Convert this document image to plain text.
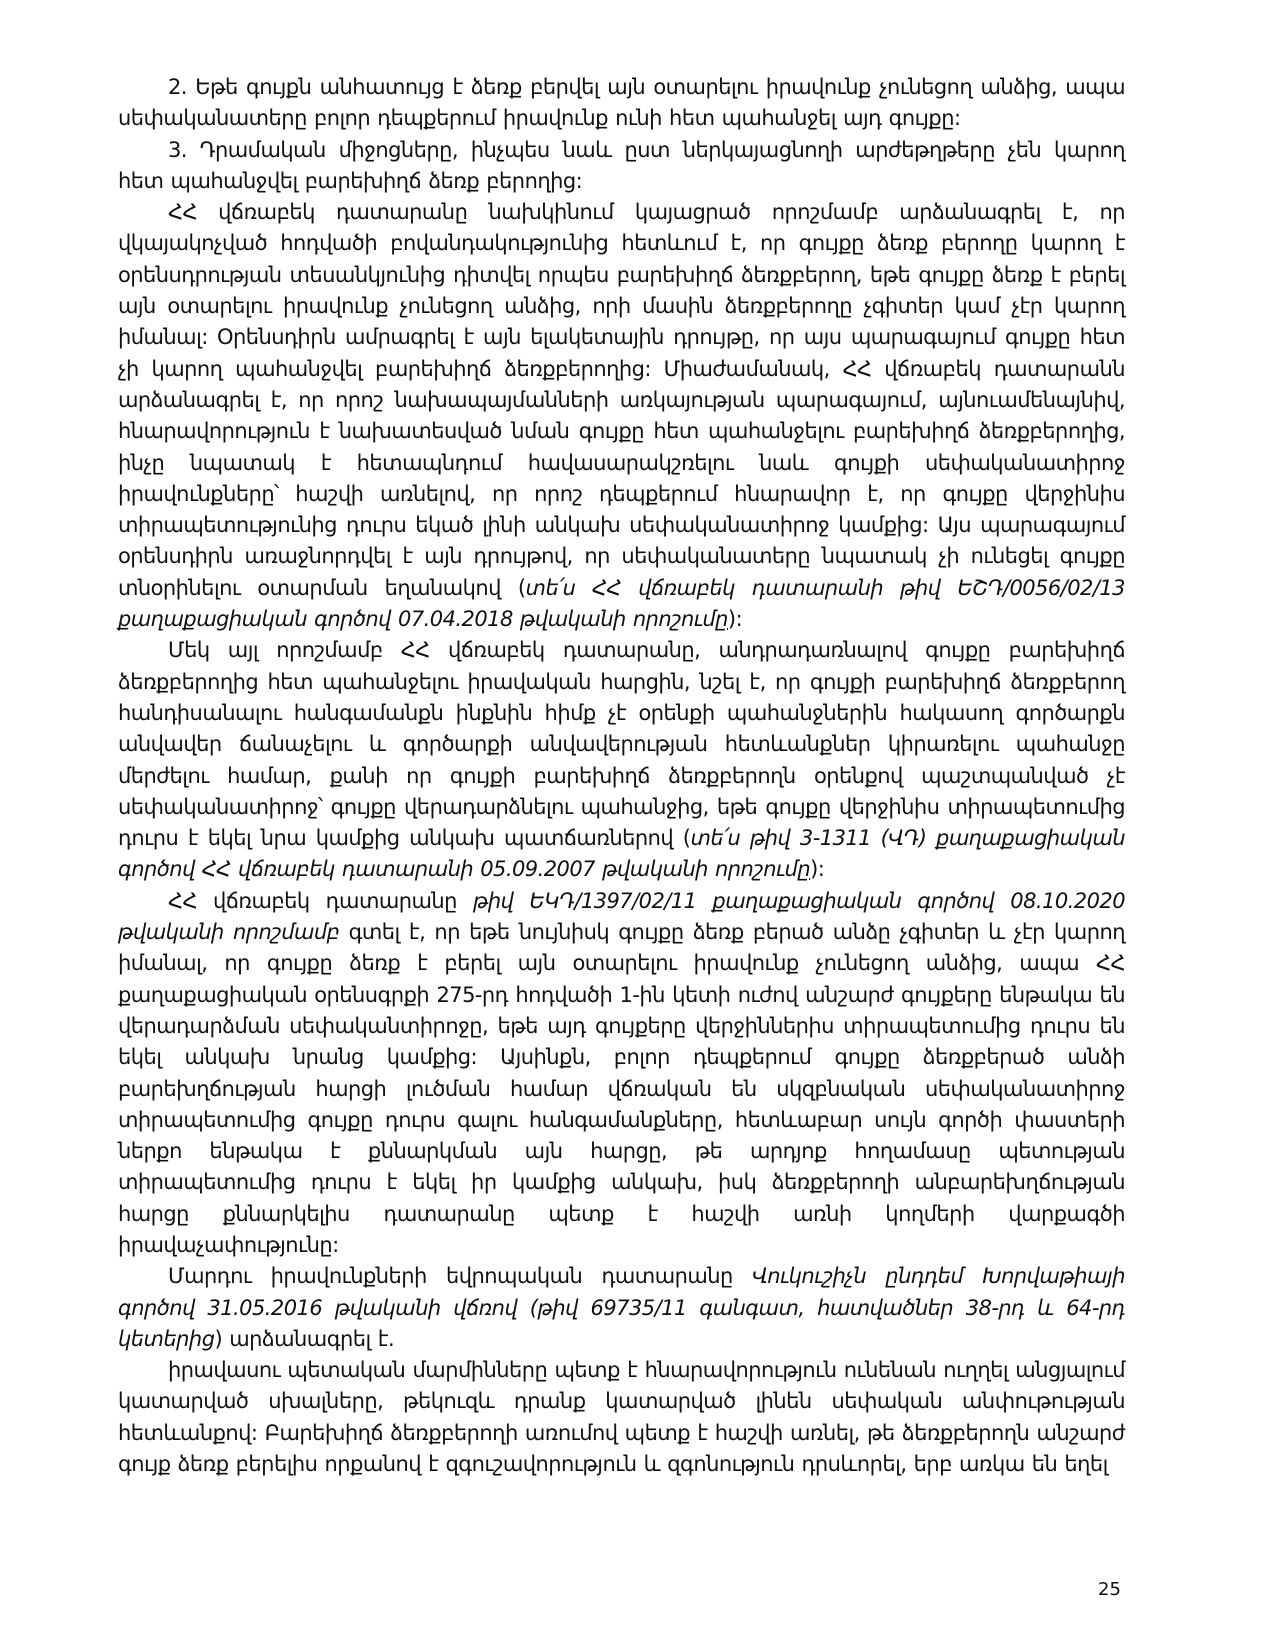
2. Եթե գույքն անհատույց է ձեռք բերվել այն օտարելու իրավունք չունեցող անձից, ապա սեփականատերը բոլոր դեպքերում իրավունք ունի հետ պահանջել այդ գույքը:

3. Դրամական միջոցները, ինչպես նաև ըստ ներկայացնողի արժեթղթերը չեն կարող հետ պահանջվել բարեխիղճ ձեռք բերողից:

ՀՀ վճռաբեկ դատարանը նախկինում կայացրած որոշմամբ արձանագրել է, որ վկայակոչված հոդվածի բովանդակությունից հետևում է, որ գույքը ձեռք բերողը կարող է օրենսդրության տեսանկյունից դիտվել որպես բարեխիղճ ձեռքբերող, եթե գույքը ձեռք է բերել այն օտարելու իրավունք չունեցող անձից, որի մասին ձեռքբերողը չգիտեր կամ չէր կարող իմանալ: Օրենսդիրն ամրագրել է այն ելակետային դրույթը, որ այս պարագայում գույքը հետ չի կարող պահանջվել բարեխիղճ ձեռքբերողից: Միաժամանակ, ՀՀ վճռաբեկ դատարանն արձանագրել է, որ որոշ նախապայմանների առկայության պարագայում, այնուամենայնիվ, հնարավորություն է նախատեսված նման գույքը հետ պահանջելու բարեխիղճ ձեռքբերողից, ինչը նպատակ է հետապնդում հավասարակշռելու նաև գույքի սեփականատիրոջ իրավունքները՝ հաշվի առնելով, որ որոշ դեպքերում հնարավոր է, որ գույքը վերջինիս տիրապետությունից դուրս եկած լինի անկախ սեփականատիրոջ կամքից: Այս պարագայում օրենսդիրն առաջնորդվել է այն դրույթով, որ սեփականատերը նպատակ չի ունեցել գույքը տնօրինելու օտարման եղանակով (տե՛ս ՀՀ վճռաբեկ դատարանի թիվ ԵՇԴ/0056/02/13 քաղաքացիական գործով 07.04.2018 թվականի որոշումը):

Մեկ այլ որոշմամբ ՀՀ վճռաբեկ դատարանը, անդրադառնալով գույքը բարեխիղճ ձեռքբերողից հետ պահանջելու իրավական հարցին, նշել է, որ գույքի բարեխիղճ ձեռքբերող հանդիսանալու հանգամանքն ինքնին հիմք չէ օրենքի պահանջներին հակասող գործարքն անվավեր ճանաչելու և գործարքի անվավերության հետևանքներ կիրառելու պահանջը մերժելու համար, քանի որ գույքի բարեխիղճ ձեռքբերողն օրենքով պաշտպանված չէ սեփականատիրոջ՝ գույքը վերադարձնելու պահանջից, եթե գույքը վերջինիս տիրապետումից դուրս է եկել նրա կամքից անկախ պատճառներով (տե՛ս թիվ 3-1311 (ՎԴ) քաղաքացիական գործով ՀՀ վճռաբեկ դատարանի 05.09.2007 թվականի որոշումը):

ՀՀ վճռաբեկ դատարանը թիվ ԵԿԴ/1397/02/11 քաղաքացիական գործով 08.10.2020 թվականի որոշմամբ գտել է, որ եթե նույնիսկ գույքը ձեռք բերած անձը չգիտեր և չէր կարող իմանալ, որ գույքը ձեռք է բերել այն օտարելու իրավունք չունեցող անձից, ապա ՀՀ քաղաքացիական օրենսգրքի 275-րդ հոդվածի 1-ին կետի ուժով անշարժ գույքերը ենթակա են վերադարձման սեփականտիրոջը, եթե այդ գույքերը վերջիններիս տիրապետումից դուրս են եկել անկախ նրանց կամքից: Այսինքն, բոլոր դեպքերում գույքը ձեռքբերած անձի բարեխղճության հարցի լուծման համար վճռական են սկզբնական սեփականատիրոջ տիրապետումից գույքը դուրս գալու հանգամանքները, հետևաբար սույն գործի փաստերի ներքո ենթակա է քննարկման այն հարցը, թե արդյոք հողամասը պետության տիրապետումից դուրս է եկել իր կամքից անկախ, իսկ ձեռքբերողի անբարեխղճության հարցը քննարկելիս դատարանը պետք է հաշվի առնի կողմերի վարքագծի իրավաչափությունը:

Մարդու իրավունքների եվրոպական դատարանը Վուկուշիչն ընդդեմ Խորվաթիայի գործով 31.05.2016 թվականի վճռով (թիվ 69735/11 գանգատ, հատվածներ 38-րդ և 64-րդ կետերից) արձանագրել է.

իրավասու պետական մարմինները պետք է հնարավորություն ունենան ուղղել անցյալում կատարված սխալները, թեկուզև դրանք կատարված լինեն սեփական անփութության հետևանքով: Բարեխիղճ ձեռքբերողի առումով պետք է հաշվի առնել, թե ձեռքբերողն անշարժ գույք ձեռք բերելիս որքանով է զգուշավորություն և զգոնություն դրսևորել, երբ առկա են եղել

25
